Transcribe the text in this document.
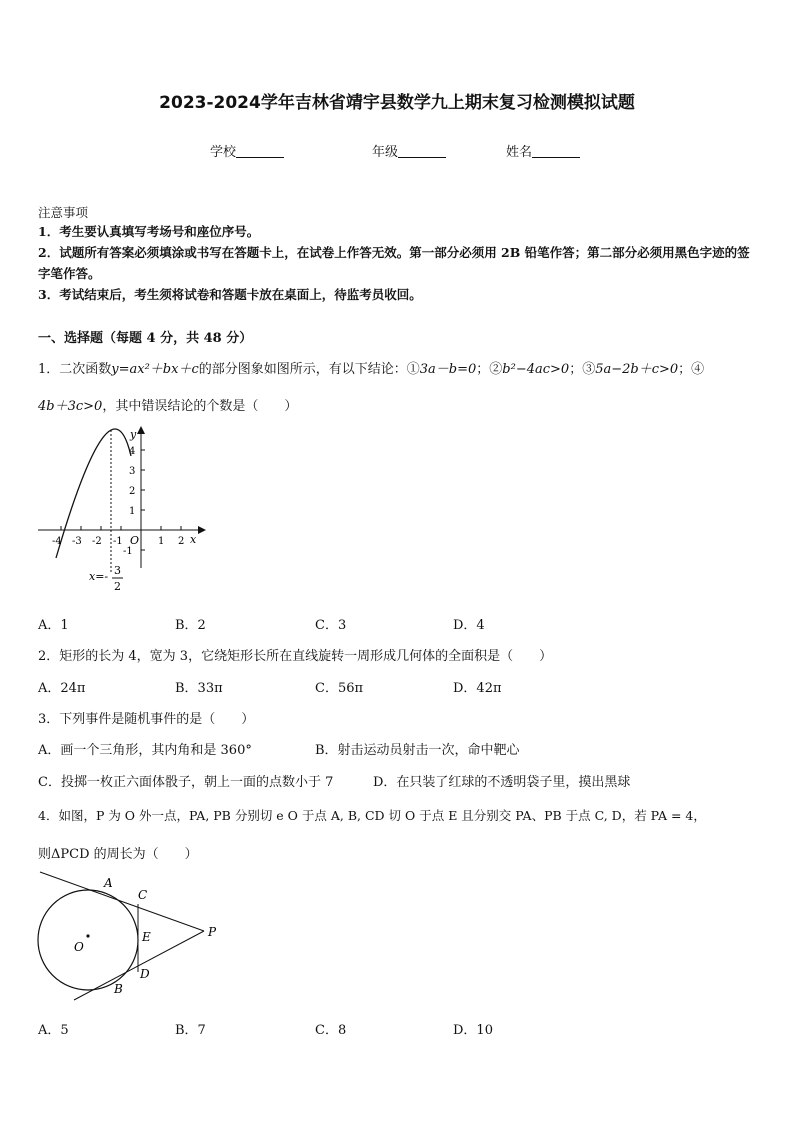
2023-2024学年吉林省靖宇县数学九上期末复习检测模拟试题
学校	年级	姓名
注意事项
1．考生要认真填写考场号和座位序号。
2．试题所有答案必须填涂或书写在答题卡上，在试卷上作答无效。第一部分必须用 2B 铅笔作答；第二部分必须用黑色字迹的签字笔作答。
3．考试结束后，考生须将试卷和答题卡放在桌面上，待监考员收回。
一、选择题（每题 4 分，共 48 分）
1．二次函数y=ax²＋bx＋c的部分图象如图所示，有以下结论：①3a－b=0；②b²−4ac>0；③5a−2b＋c>0；④
4b＋3c>0，其中错误结论的个数是（　　）
y
x
O
4
3
2
1
-1
-4 -3 -2 -1	1 2
x=- 3
2
A．1	B．2	C．3	D．4
2．矩形的长为 4，宽为 3，它绕矩形长所在直线旋转一周形成几何体的全面积是（　　）
A．24π	B．33π	C．56π	D．42π
3．下列事件是随机事件的是（　　）
A．画一个三角形，其内角和是 360°	B．射击运动员射击一次，命中靶心
C．投掷一枚正六面体骰子，朝上一面的点数小于 7	D．在只装了红球的不透明袋子里，摸出黑球
4．如图，P 为 O 外一点，PA, PB 分别切 e O 于点 A, B, CD 切 O 于点 E 且分别交 PA、PB 于点 C, D，若 PA = 4，
则ΔPCD 的周长为（　　）
A
C
E
O
P
D
B
A．5	B．7	C．8	D．10
